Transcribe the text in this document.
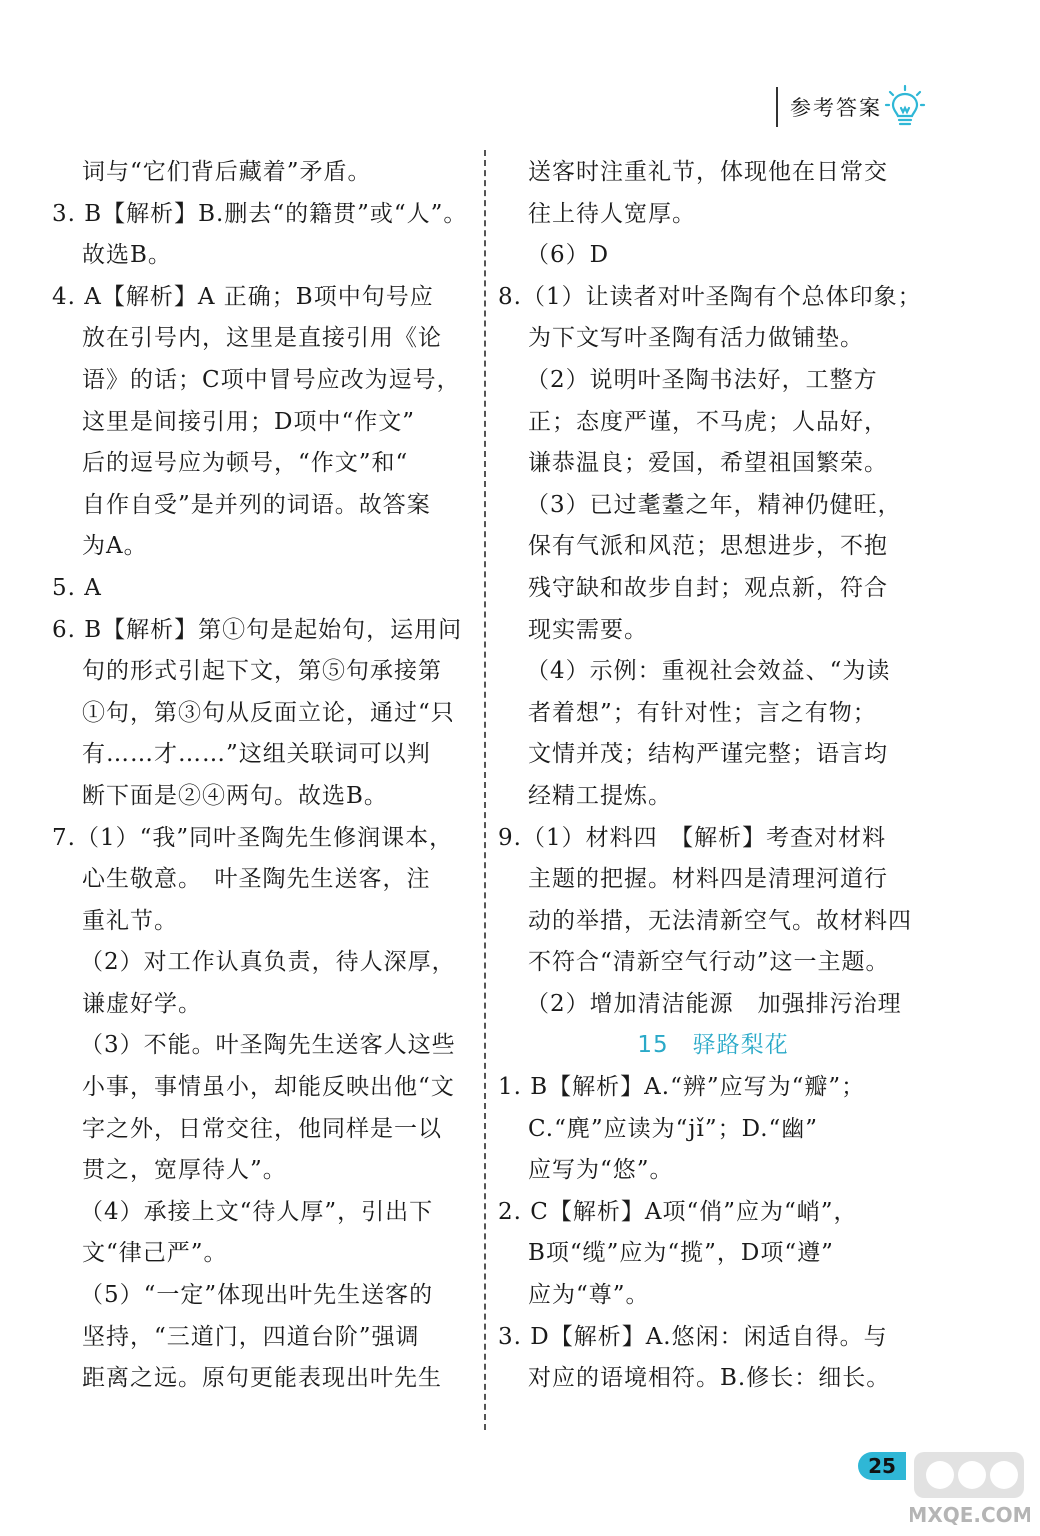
参考答案
词与“它们背后藏着”矛盾。
3. B【解析】B.删去“的籍贯”或“人”。
故选B。
4. A【解析】A 正确；B项中句号应
放在引号内，这里是直接引用《论
语》的话；C项中冒号应改为逗号，
这里是间接引用；D项中“作文”
后的逗号应为顿号，“作文”和“
自作自受”是并列的词语。故答案
为A。
5. A
6. B【解析】第①句是起始句，运用问
句的形式引起下文，第⑤句承接第
①句，第③句从反面立论，通过“只
有……才……”这组关联词可以判
断下面是②④两句。故选B。
7.（1）“我”同叶圣陶先生修润课本，
心生敬意。　叶圣陶先生送客，注
重礼节。
（2）对工作认真负责，待人深厚，
谦虚好学。
（3）不能。叶圣陶先生送客人这些
小事，事情虽小，却能反映出他“文
字之外，日常交往，他同样是一以
贯之，宽厚待人”。
（4）承接上文“待人厚”，引出下
文“律己严”。
（5）“一定”体现出叶先生送客的
坚持，“三道门，四道台阶”强调
距离之远。原句更能表现出叶先生
送客时注重礼节，体现他在日常交
往上待人宽厚。
（6）D
8.（1）让读者对叶圣陶有个总体印象；
为下文写叶圣陶有活力做铺垫。
（2）说明叶圣陶书法好，工整方
正；态度严谨，不马虎；人品好，
谦恭温良；爱国，希望祖国繁荣。
（3）已过耄耋之年，精神仍健旺，
保有气派和风范；思想进步，不抱
残守缺和故步自封；观点新，符合
现实需要。
（4）示例：重视社会效益、“为读
者着想”；有针对性；言之有物；
文情并茂；结构严谨完整；语言均
经精工提炼。
9.（1）材料四　【解析】考查对材料
主题的把握。材料四是清理河道行
动的举措，无法清新空气。故材料四
不符合“清新空气行动”这一主题。
（2）增加清洁能源　加强排污治理
15　驿路梨花
1. B【解析】A.“辨”应写为“瓣”；
C.“麂”应读为“jǐ”；D.“幽”
应写为“悠”。
2. C【解析】A项“俏”应为“峭”，
B项“缆”应为“揽”，D项“遵”
应为“尊”。
3. D【解析】A.悠闲：闲适自得。与
对应的语境相符。B.修长：细长。
25
MXQE.COM
